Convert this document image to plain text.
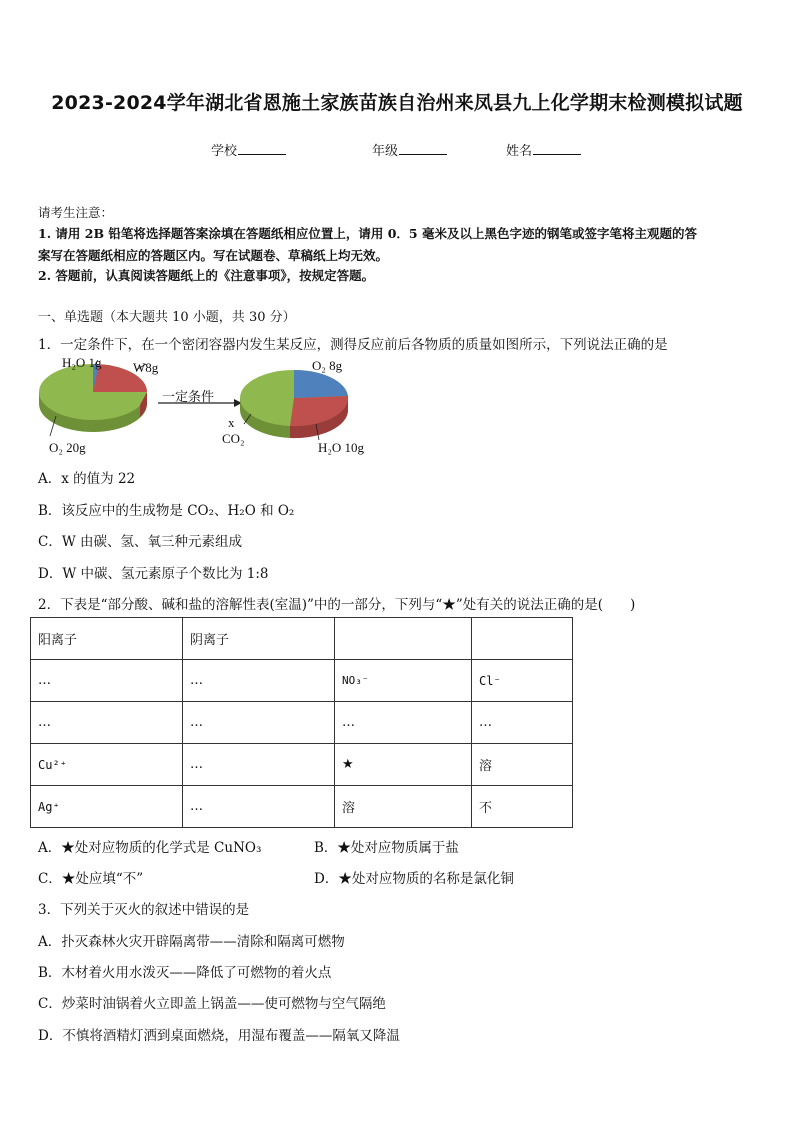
2023-2024学年湖北省恩施土家族苗族自治州来凤县九上化学期末检测模拟试题
学校	年级	姓名
请考生注意：
1. 请用 2B 铅笔将选择题答案涂填在答题纸相应位置上，请用 0．5 毫米及以上黑色字迹的钢笔或签字笔将主观题的答
案写在答题纸相应的答题区内。写在试题卷、草稿纸上均无效。
2. 答题前，认真阅读答题纸上的《注意事项》，按规定答题。
一、单选题（本大题共 10 小题，共 30 分）
1．一定条件下，在一个密闭容器内发生某反应，测得反应前后各物质的质量如图所示，下列说法正确的是
H₂O 1g W8g
O₂ 20g
一定条件
O₂ 8g
x
CO₂
H₂O 10g
A．x 的值为 22
B．该反应中的生成物是 CO₂、H₂O 和 O₂
C．W 由碳、氢、氧三种元素组成
D．W 中碳、氢元素原子个数比为 1:8
2．下表是“部分酸、碱和盐的溶解性表(室温)”中的一部分，下列与“★”处有关的说法正确的是(　　)
阳离子	阴离子		
…	…	NO₃⁻	Cl⁻
…	…	…	…
Cu²⁺	…	★	溶
Ag⁺	…	溶	不
A．★处对应物质的化学式是 CuNO₃	B．★处对应物质属于盐
C．★处应填“不”	D．★处对应物质的名称是氯化铜
3．下列关于灭火的叙述中错误的是
A．扑灭森林火灾开辟隔离带——清除和隔离可燃物
B．木材着火用水泼灭——降低了可燃物的着火点
C．炒菜时油锅着火立即盖上锅盖——使可燃物与空气隔绝
D．不慎将酒精灯洒到桌面燃烧，用湿布覆盖——隔氧又降温
